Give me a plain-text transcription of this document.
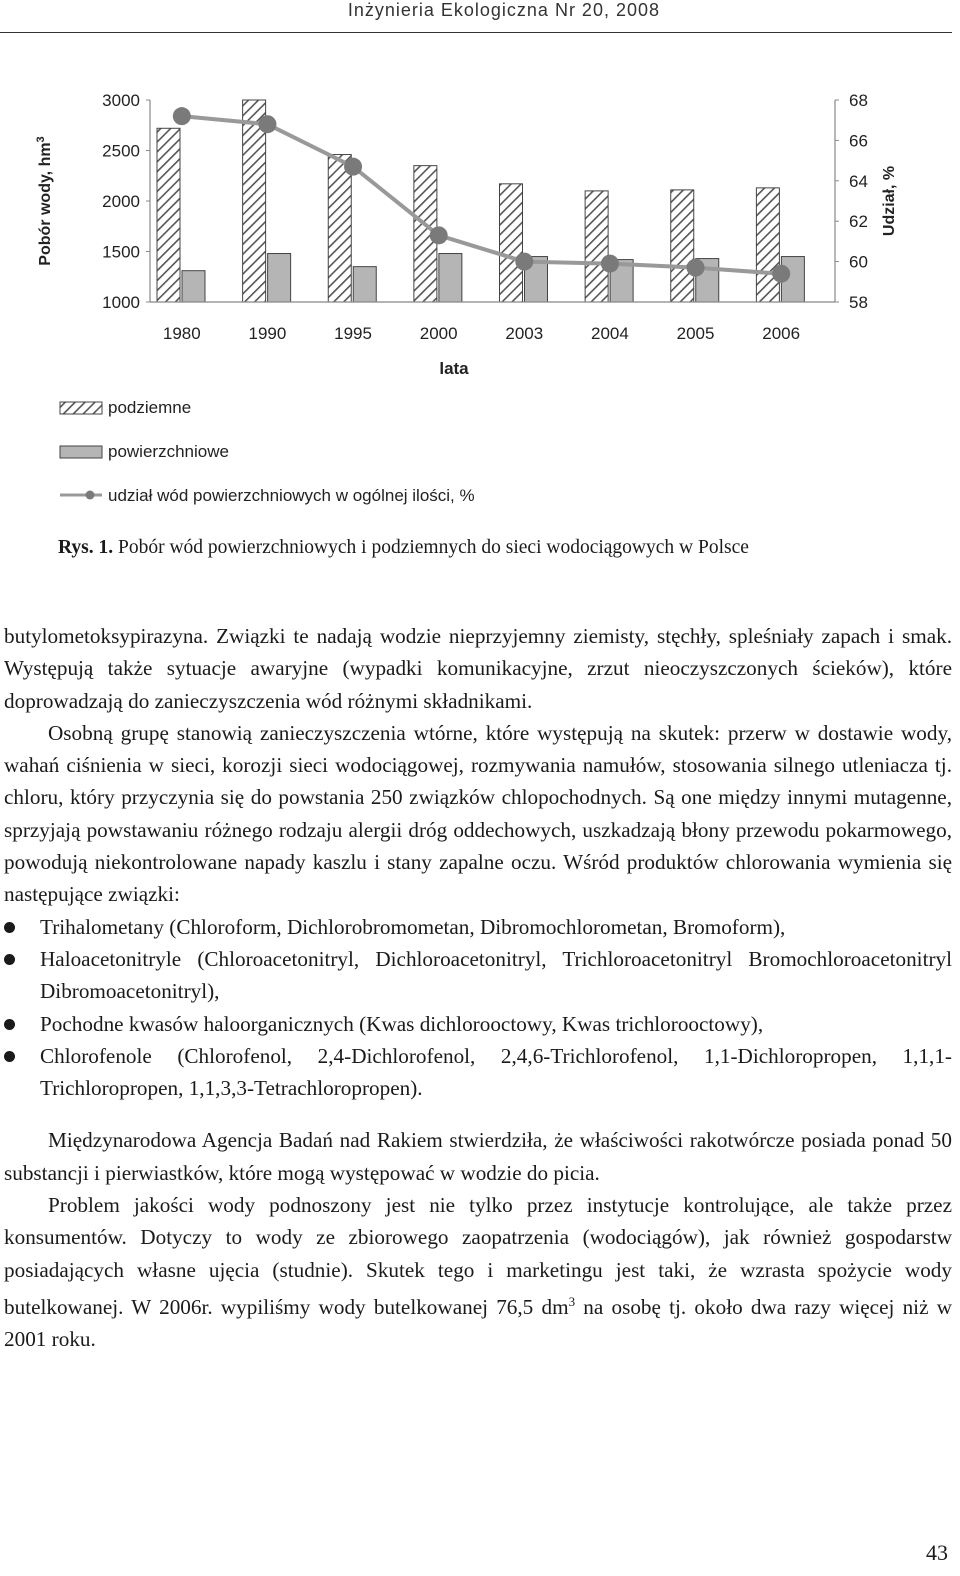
Inżynieria Ekologiczna Nr 20, 2008
1000
1500
2000
2500
3000
58
60
62
64
66
68
1980	1990	1995	2000	2003	2004	2005	2006
Pobór wody, $hm^3$
Udział, %
lata
podziemne
powierzchniowe
udział wód powierzchniowych w ogólnej ilości, %
Rys. 1. Pobór wód powierzchniowych i podziemnych do sieci wodociągowych w Polsce

butylometoksypirazyna. Związki te nadają wodzie nieprzyjemny ziemisty, stęchły, spleśniały zapach i smak. Występują także sytuacje awaryjne (wypadki komunikacyjne, zrzut nieoczyszczonych ścieków), które doprowadzają do zanieczyszczenia wód różnymi składnikami.

Osobną grupę stanowią zanieczyszczenia wtórne, które występują na skutek: przerw w dostawie wody, wahań ciśnienia w sieci, korozji sieci wodociągowej, rozmywania namułów, stosowania silnego utleniacza tj. chloru, który przyczynia się do powstania 250 związków chlopochodnych. Są one między innymi mutagenne, sprzyjają powstawaniu różnego rodzaju alergii dróg oddechowych, uszkadzają błony przewodu pokarmowego, powodują niekontrolowane napady kaszlu i stany zapalne oczu. Wśród produktów chlorowania wymienia się następujące związki:

Trihalometany (Chloroform, Dichlorobromometan, Dibromochlorometan, Bromoform),
Haloacetonitryle (Chloroacetonitryl, Dichloroacetonitryl, Trichloroacetonitryl Bromochloroacetonitryl Dibromoacetonitryl),
Pochodne kwasów haloorganicznych (Kwas dichlorooctowy, Kwas trichlorooctowy),
Chlorofenole (Chlorofenol, 2,4-Dichlorofenol, 2,4,6-Trichlorofenol, 1,1-Dichloropropen, 1,1,1-Trichloropropen, 1,1,3,3-Tetrachloropropen).

Międzynarodowa Agencja Badań nad Rakiem stwierdziła, że właściwości rakotwórcze posiada ponad 50 substancji i pierwiastków, które mogą występować w wodzie do picia.

Problem jakości wody podnoszony jest nie tylko przez instytucje kontrolujące, ale także przez konsumentów. Dotyczy to wody ze zbiorowego zaopatrzenia (wodociągów), jak również gospodarstw posiadających własne ujęcia (studnie). Skutek tego i marketingu jest taki, że wzrasta spożycie wody butelkowanej. W 2006r. wypiliśmy wody butelkowanej 76,5 $dm^3$ na osobę tj. około dwa razy więcej niż w 2001 roku.

43
